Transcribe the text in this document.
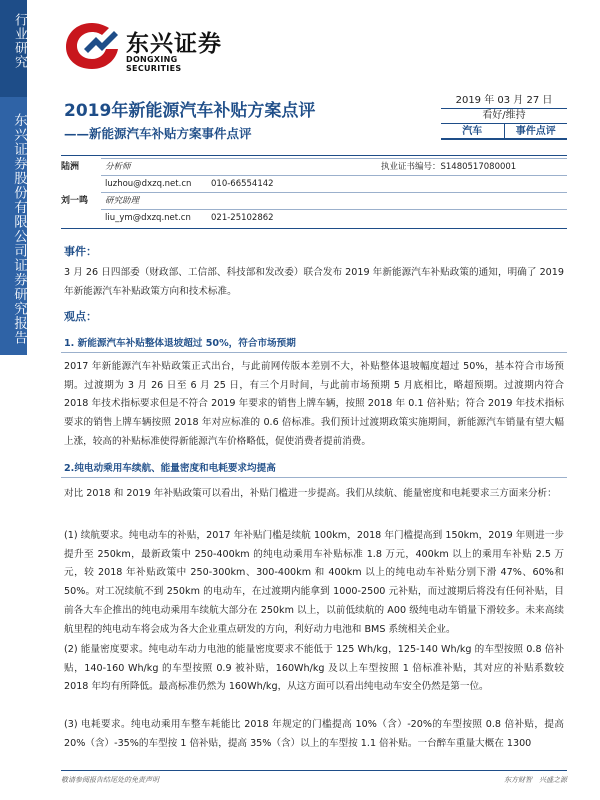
行业研究
东兴证券股份有限公司证券研究报告
东兴证券
DONGXING SECURITIES
2019年新能源汽车补贴方案点评
——新能源汽车补贴方案事件点评
2019 年 03 月 27 日
看好/维持
汽车	事件点评
陆洲	分析师	执业证书编号：S1480517080001
luzhou@dxzq.net.cn 010-66554142
刘一鸣	研究助理
liu_ym@dxzq.net.cn 021-25102862
事件：
3 月 26 日四部委（财政部、工信部、科技部和发改委）联合发布 2019 年新能源汽车补贴政策的通知，明确了 2019 年新能源汽车补贴政策方向和技术标准。
观点：
1. 新能源汽车补贴整体退坡超过 50%，符合市场预期
2017 年新能源汽车补贴政策正式出台，与此前网传版本差别不大，补贴整体退坡幅度超过 50%，基本符合市场预期。过渡期为 3 月 26 日至 6 月 25 日，有三个月时间，与此前市场预期 5 月底相比，略超预期。过渡期内符合 2018 年技术指标要求但是不符合 2019 年要求的销售上牌车辆，按照 2018 年 0.1 倍补贴；符合 2019 年技术指标要求的销售上牌车辆按照 2018 年对应标准的 0.6 倍标准。我们预计过渡期政策实施期间，新能源汽车销量有望大幅上涨，较高的补贴标准使得新能源汽车价格略低，促使消费者提前消费。
2.纯电动乘用车续航、能量密度和电耗要求均提高
对比 2018 和 2019 年补贴政策可以看出，补贴门槛进一步提高。我们从续航、能量密度和电耗要求三方面来分析：
(1) 续航要求。纯电动车的补贴，2017 年补贴门槛是续航 100km，2018 年门槛提高到 150km，2019 年则进一步提升至 250km，最新政策中 250-400km 的纯电动乘用车补贴标准 1.8 万元，400km 以上的乘用车补贴 2.5 万元，较 2018 年补贴政策中 250-300km、300-400km 和 400km 以上的纯电动车补贴分别下滑 47%、60%和 50%。对工况续航不到 250km 的电动车，在过渡期内能拿到 1000-2500 元补贴，而过渡期后将没有任何补贴，目前各大车企推出的纯电动乘用车续航大部分在 250km 以上，以前低续航的 A00 级纯电动车销量下滑较多。未来高续航里程的纯电动车将会成为各大企业重点研发的方向，利好动力电池和 BMS 系统相关企业。
(2) 能量密度要求。纯电动车动力电池的能量密度要求不能低于 125 Wh/kg，125-140 Wh/kg 的车型按照 0.8 倍补贴，140-160 Wh/kg 的车型按照 0.9 被补贴，160Wh/kg 及以上车型按照 1 倍标准补贴，其对应的补贴系数较 2018 年均有所降低。最高标准仍然为 160Wh/kg，从这方面可以看出纯电动车安全仍然是第一位。
(3) 电耗要求。纯电动乘用车整车耗能比 2018 年规定的门槛提高 10%（含）-20%的车型按照 0.8 倍补贴，提高 20%（含）-35%的车型按 1 倍补贴，提高 35%（含）以上的车型按 1.1 倍补贴。一台醉车重量大概在 1300
敬请参阅报告结尾处的免责声明	东方财智　兴盛之源
